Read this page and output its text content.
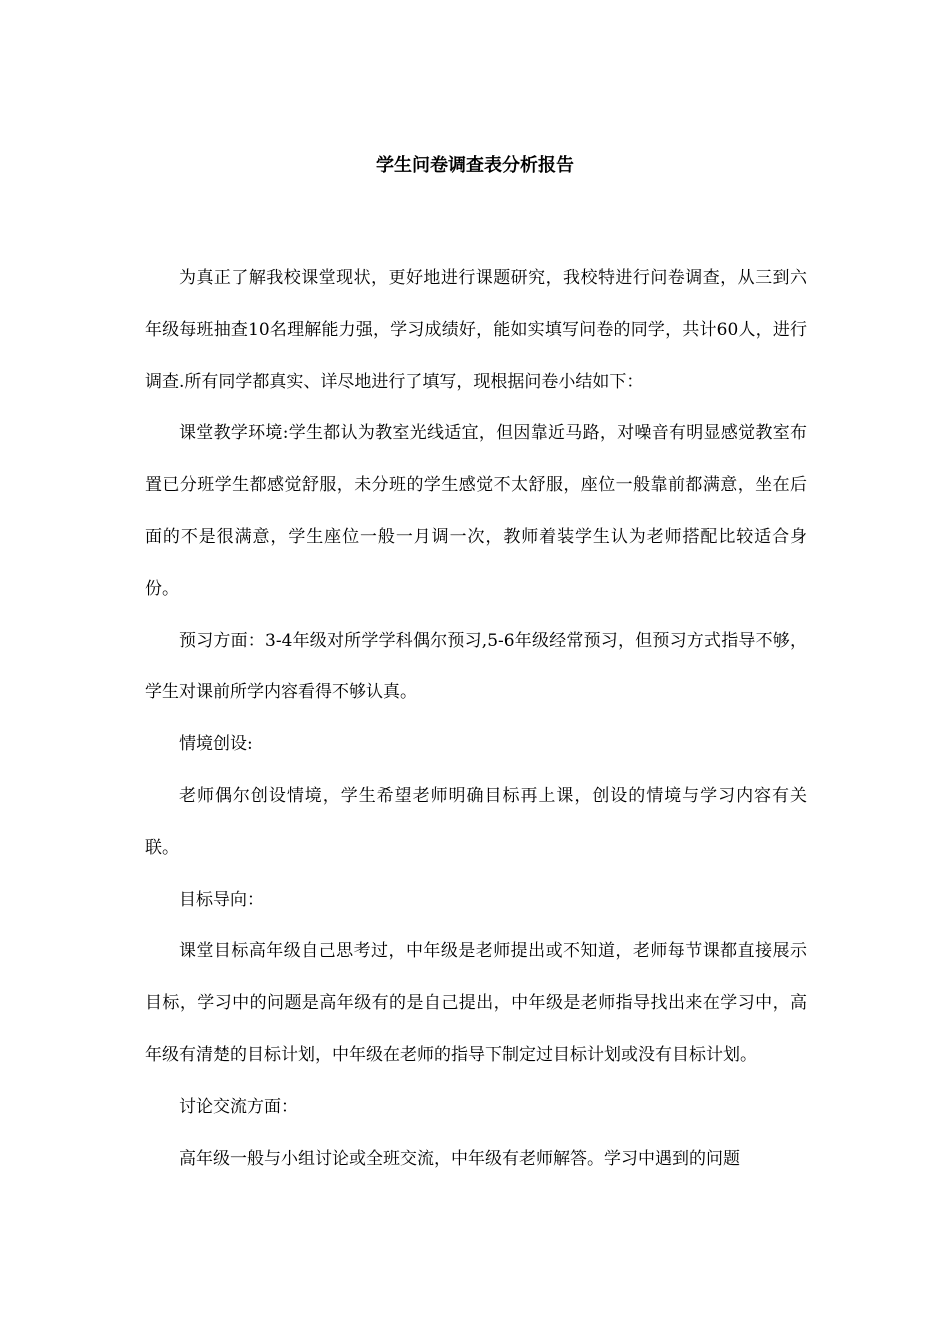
学生问卷调查表分析报告

为真正了解我校课堂现状，更好地进行课题研究，我校特进行问卷调查，从三到六年级每班抽查10名理解能力强，学习成绩好，能如实填写问卷的同学，共计60人，进行调查.所有同学都真实、详尽地进行了填写，现根据问卷小结如下：

课堂教学环境:学生都认为教室光线适宜，但因靠近马路，对噪音有明显感觉教室布置已分班学生都感觉舒服，未分班的学生感觉不太舒服，座位一般靠前都满意，坐在后面的不是很满意，学生座位一般一月调一次，教师着装学生认为老师搭配比较适合身份。

预习方面：3-4年级对所学学科偶尔预习,5-6年级经常预习，但预习方式指导不够，学生对课前所学内容看得不够认真。

情境创设:

老师偶尔创设情境，学生希望老师明确目标再上课，创设的情境与学习内容有关联。

目标导向：

课堂目标高年级自己思考过，中年级是老师提出或不知道，老师每节课都直接展示目标，学习中的问题是高年级有的是自己提出，中年级是老师指导找出来在学习中，高年级有清楚的目标计划，中年级在老师的指导下制定过目标计划或没有目标计划。

讨论交流方面：

高年级一般与小组讨论或全班交流，中年级有老师解答。学习中遇到的问题
